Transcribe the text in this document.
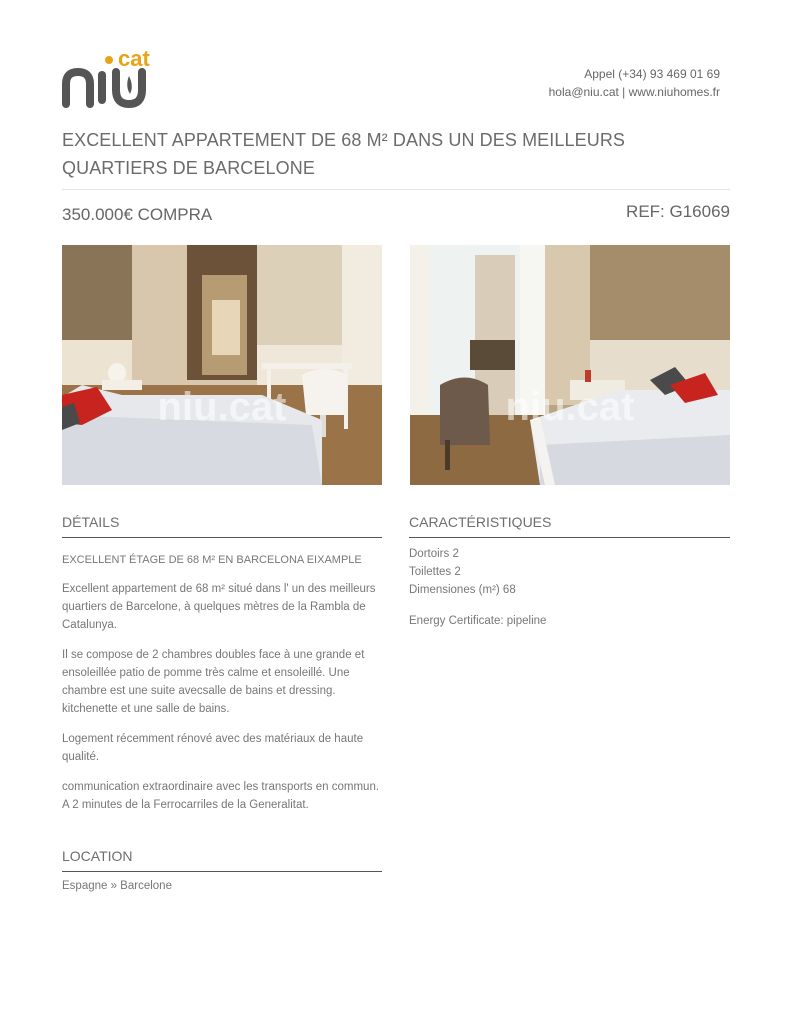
cat
Appel (+34) 93 469 01 69
hola@niu.cat | www.niuhomes.fr
EXCELLENT APPARTEMENT DE 68 M² DANS UN DES MEILLEURS QUARTIERS DE BARCELONE
350.000€ COMPRA	REF: G16069
niu.cat	niu.cat
DÉTAILS

EXCELLENT ÉTAGE DE 68 M² EN BARCELONA EIXAMPLE

Excellent appartement de 68 m² situé dans l' un des meilleurs quartiers de Barcelone, à quelques mètres de la Rambla de Catalunya.

Il se compose de 2 chambres doubles face à une grande et ensoleillée patio de pomme très calme et ensoleillé. Une chambre est une suite avecsalle de bains et dressing. kitchenette et une salle de bains.

Logement récemment rénové avec des matériaux de haute qualité.

communication extraordinaire avec les transports en commun. A 2 minutes de la Ferrocarriles de la Generalitat.

CARACTÉRISTIQUES
Dortoirs 2
Toilettes 2
Dimensiones (m²) 68
Energy Certificate: pipeline
LOCATION
Espagne » Barcelone
